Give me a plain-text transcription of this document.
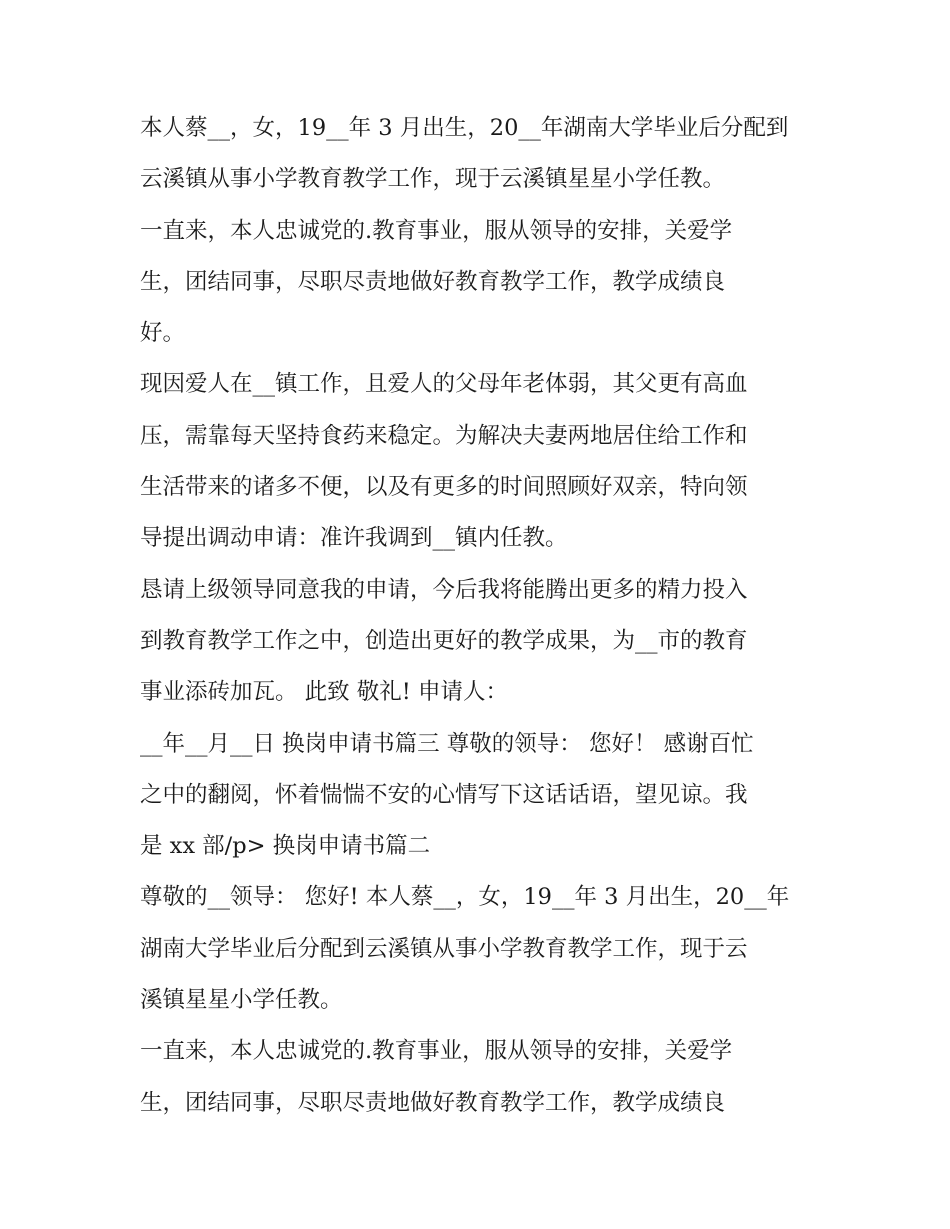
本人蔡__，女，19__年 3 月出生，20__年湖南大学毕业后分配到

云溪镇从事小学教育教学工作，现于云溪镇星星小学任教。

一直来，本人忠诚党的.教育事业，服从领导的安排，关爱学

生，团结同事，尽职尽责地做好教育教学工作，教学成绩良

好。

现因爱人在__镇工作，且爱人的父母年老体弱，其父更有高血

压，需靠每天坚持食药来稳定。为解决夫妻两地居住给工作和

生活带来的诸多不便，以及有更多的时间照顾好双亲，特向领

导提出调动申请：准许我调到__镇内任教。

恳请上级领导同意我的申请，今后我将能腾出更多的精力投入

到教育教学工作之中，创造出更好的教学成果，为__市的教育

事业添砖加瓦。 此致 敬礼! 申请人：

__年__月__日 换岗申请书篇三 尊敬的领导： 您好！ 感谢百忙

之中的翻阅，怀着惴惴不安的心情写下这话话语，望见谅。我

是 xx 部/p> 换岗申请书篇二

尊敬的__领导： 您好! 本人蔡__，女，19__年 3 月出生，20__年

湖南大学毕业后分配到云溪镇从事小学教育教学工作，现于云

溪镇星星小学任教。

一直来，本人忠诚党的.教育事业，服从领导的安排，关爱学

生，团结同事，尽职尽责地做好教育教学工作，教学成绩良
